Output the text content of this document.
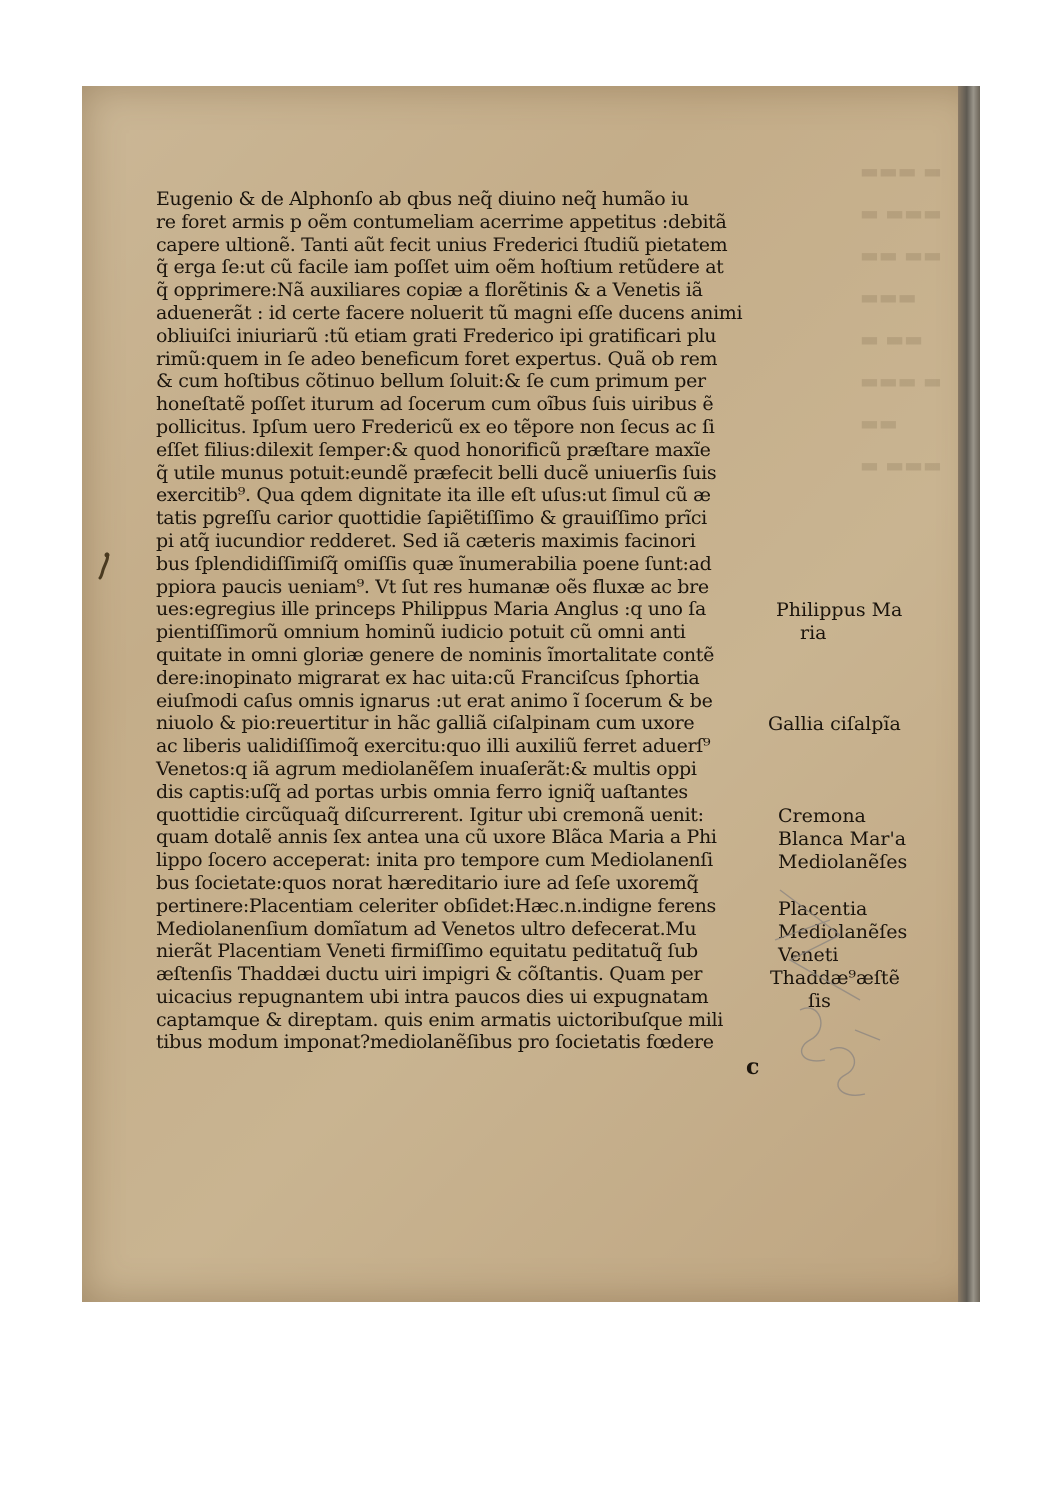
▬▬▬ ▬
▬ ▬▬▬
▬▬ ▬▬
▬▬▬
▬ ▬▬
▬▬▬ ▬
▬▬
▬ ▬▬▬
Eugenio & de Alphonſo ab qbus neq̃ diuino neq̃ humão iu
re foret armis p oẽm contumeliam acerrime appetitus :debitã
capere ultionẽ. Tanti aũt fecit unius Frederici ſtudiũ pietatem
q̃ erga ſe:ut cũ facile iam poſſet uim oẽm hoſtium retũdere at
q̃ opprimere:Nã auxiliares copiæ a florẽtinis & a Venetis iã
aduenerãt : id certe facere noluerit tũ magni eſſe ducens animi
obliuiſci iniuriarũ :tũ etiam grati Frederico ipi gratificari plu
rimũ:quem in ſe adeo beneficum foret expertus. Quã ob rem
& cum hoſtibus cõtinuo bellum ſoluit:& ſe cum primum per
honeſtatẽ poſſet iturum ad ſocerum cum oĩbus ſuis uiribus ẽ
pollicitus. Ipſum uero Fredericũ ex eo tẽpore non ſecus ac ſi
eſſet filius:dilexit ſemper:& quod honorificũ præſtare maxĩe
q̃ utile munus potuit:eundẽ præfecit belli ducẽ uniuerſis ſuis
exercitib⁹. Qua qdem dignitate ita ille eſt uſus:ut ſimul cũ æ
tatis pgreſſu carior quottidie ſapiẽtiſſimo & grauiſſimo prĩci
pi atq̃ iucundior redderet. Sed iã cæteris maximis facinori
bus ſplendidiſſimiſq̃ omiſſis quæ ĩnumerabilia poene ſunt:ad
ppiora paucis ueniam⁹. Vt ſut res humanæ oẽs fluxæ ac bre
ues:egregius ille princeps Philippus Maria Anglus :q uno ſa
pientiſſimorũ omnium hominũ iudicio potuit cũ omni anti
quitate in omni gloriæ genere de nominis ĩmortalitate contẽ
dere:inopinato migrarat ex hac uita:cũ Franciſcus ſphortia
eiuſmodi caſus omnis ignarus :ut erat animo ĩ ſocerum & be
niuolo & pio:reuertitur in hãc galliã ciſalpinam cum uxore
ac liberis ualidiſſimoq̃ exercitu:quo illi auxiliũ ferret aduerſ⁹
Venetos:q iã agrum mediolanẽſem inuaſerãt:& multis oppi
dis captis:uſq̃ ad portas urbis omnia ferro igniq̃ uaſtantes
quottidie circũquaq̃ diſcurrerent. Igitur ubi cremonã uenit:
quam dotalẽ annis ſex antea una cũ uxore Blãca Maria a Phi
lippo ſocero acceperat: inita pro tempore cum Mediolanenſi
bus ſocietate:quos norat hæreditario iure ad ſeſe uxoremq̃
pertinere:Placentiam celeriter obſidet:Hæc.n.indigne ferens
Mediolanenſium domĩatum ad Venetos ultro defecerat.Mu
nierãt Placentiam Veneti firmiſſimo equitatu peditatuq̃ ſub
æſtenſis Thaddæi ductu uiri impigri & cõſtantis. Quam per
uicacius repugnantem ubi intra paucos dies ui expugnatam
captamque & direptam. quis enim armatis uictoribuſque mili
tibus modum imponat?mediolanẽſibus pro ſocietatis fœdere
Philippus Ma
ria
Gallia ciſalpĩa
Cremona
Blanca Mar'a
Mediolanẽſes
Placentia
Mediolanẽſes
Veneti
Thaddæ⁹æſtẽ
ſis
c
